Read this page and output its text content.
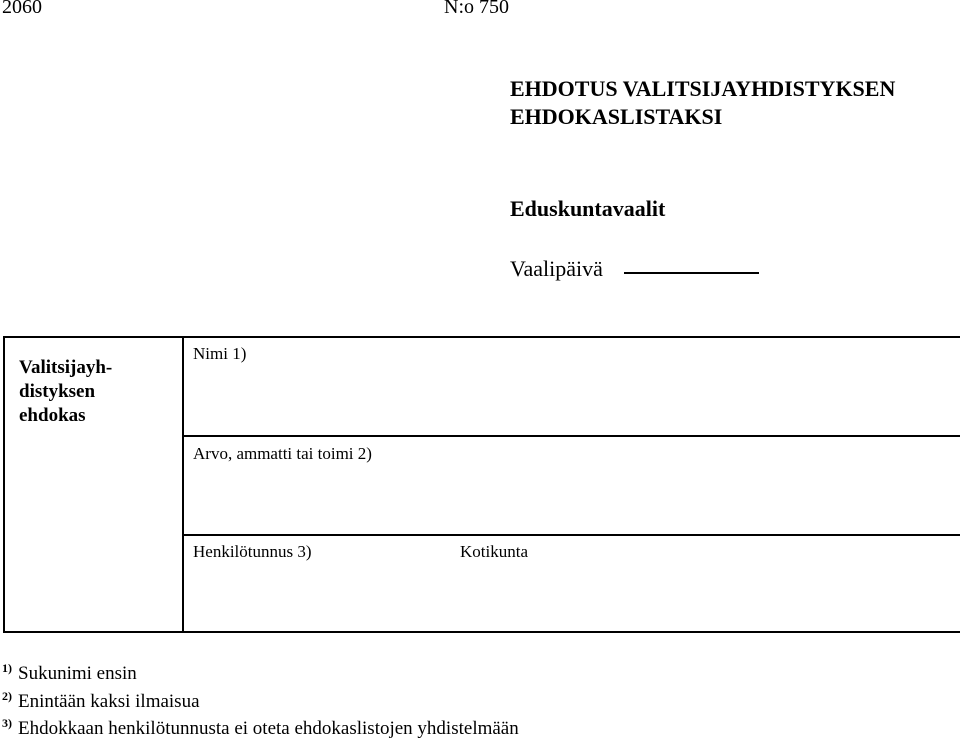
2060	N:o 750
EHDOTUS VALITSIJAYHDISTYKSEN
EHDOKASLISTAKSI
Eduskuntavaalit
Vaalipäivä
Valitsijayh-
distyksen
ehdokas
Nimi 1)
Arvo, ammatti tai toimi 2)
Henkilötunnus 3)	Kotikunta
$^{1)}$ Sukunimi ensin
$^{2)}$ Enintään kaksi ilmaisua
$^{3)}$ Ehdokkaan henkilötunnusta ei oteta ehdokaslistojen yhdistelmään
